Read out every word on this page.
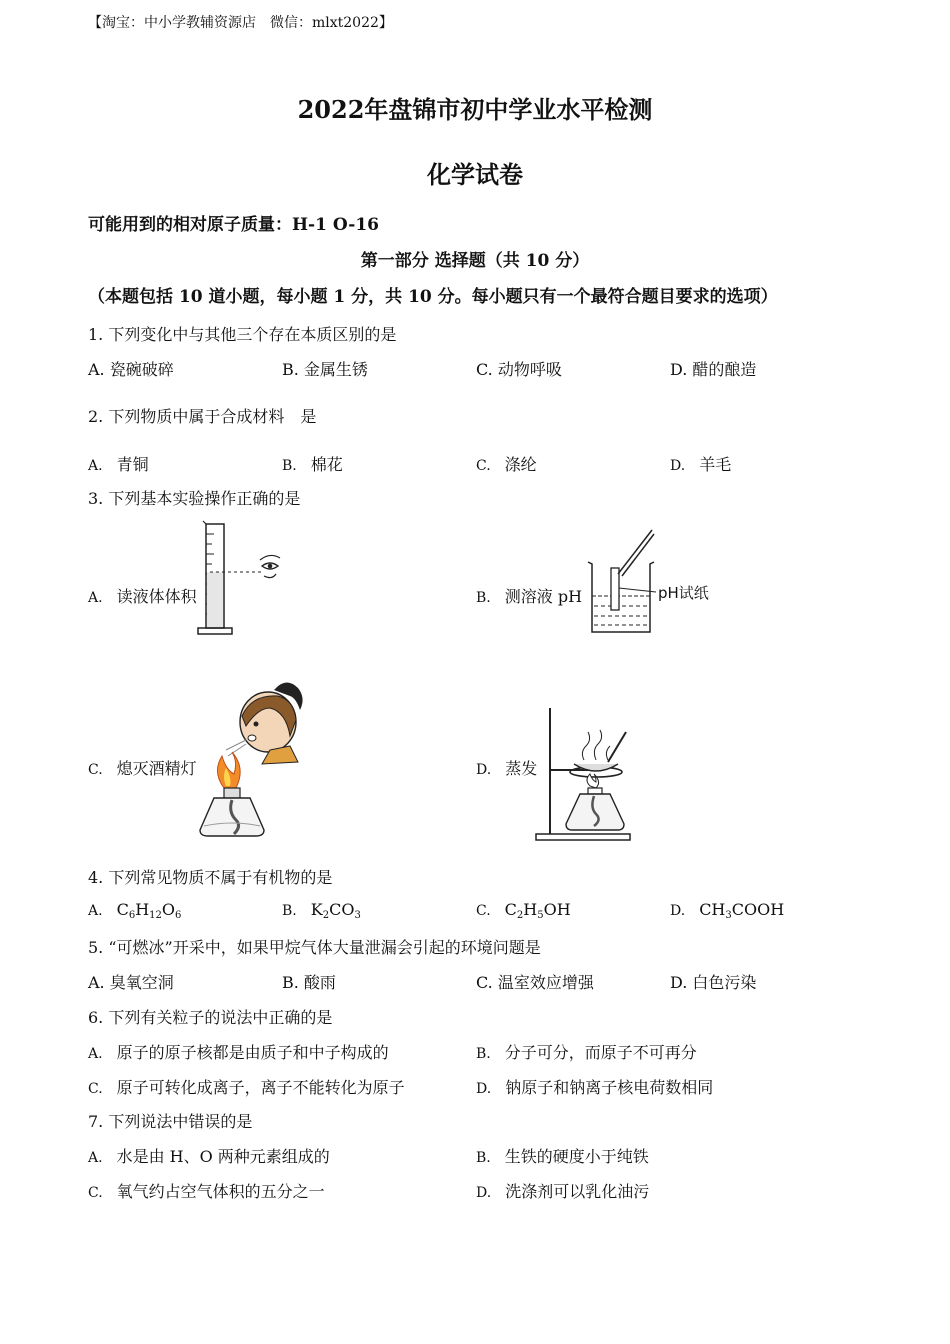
【淘宝：中小学教辅资源店　微信：mlxt2022】
2022年盘锦市初中学业水平检测
化学试卷
可能用到的相对原子质量：H-1 O-16
第一部分 选择题（共 10 分）
（本题包括 10 道小题，每小题 1 分，共 10 分。每小题只有一个最符合题目要求的选项）
1. 下列变化中与其他三个存在本质区别的是
A. 瓷碗破碎	B. 金属生锈	C. 动物呼吸	D. 醋的酿造
2. 下列物质中属于合成材料　是
A. 青铜	B. 棉花	C. 涤纶	D. 羊毛
3. 下列基本实验操作正确的是
A. 读液体体积	B. 测溶液 pH
C. 熄灭酒精灯	D. 蒸发
pH试纸
4. 下列常见物质不属于有机物的是
A. $C_6H_{12}O_6$	B. $K_2CO_3$	C. $C_2H_5OH$	D. $CH_3COOH$
5. “可燃冰”开采中，如果甲烷气体大量泄漏会引起的环境问题是
A. 臭氧空洞	B. 酸雨	C. 温室效应增强	D. 白色污染
6. 下列有关粒子的说法中正确的是
A. 原子的原子核都是由质子和中子构成的	B. 分子可分，而原子不可再分
C. 原子可转化成离子，离子不能转化为原子	D. 钠原子和钠离子核电荷数相同
7. 下列说法中错误的是
A. 水是由 H、O 两种元素组成的	B. 生铁的硬度小于纯铁
C. 氧气约占空气体积的五分之一	D. 洗涤剂可以乳化油污
